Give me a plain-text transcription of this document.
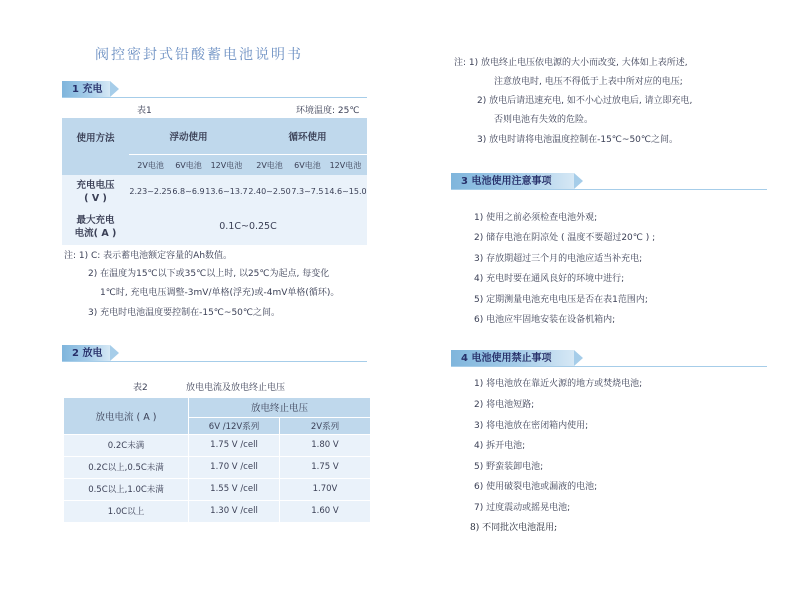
阀控密封式铅酸蓄电池说明书
1 充电
表1	环境温度: 25℃
使用方法	浮动使用			循环使用		

	2V电池	6V电池	12V电池	2V电池	6V电池	12V电池

充电电压
( V )	2.23~2.25	6.8~6.9	13.6~13.7	2.40~2.50	7.3~7.5	14.6~15.0

最大充电
电流( A )	0.1C~0.25C					
注: 1) C: 表示蓄电池额定容量的Ah数值。
2) 在温度为15℃以下或35℃以上时, 以25℃为起点, 每变化
1℃时, 充电电压调整-3mV/单格(浮充)或-4mV单格(循环)。
3) 充电时电池温度要控制在-15℃~50℃之间。
2 放电
表2	放电电流及放电终止电压
放电电流 ( A )	放电终止电压	
	6V /12V系列	2V系列
0.2C未满	1.75 V /cell	1.80 V
0.2C以上,0.5C未满	1.70 V /cell	1.75 V
0.5C以上,1.0C未满	1.55 V /cell	1.70V
1.0C以上	1.30 V /cell	1.60 V
注: 1) 放电终止电压依电源的大小而改变, 大体如上表所述,
注意放电时, 电压不得低于上表中所对应的电压;
2) 放电后请迅速充电, 如不小心过放电后, 请立即充电,
否则电池有失效的危险。
3) 放电时请将电池温度控制在-15℃~50℃之间。
3 电池使用注意事项
1) 使用之前必须检查电池外观;
2) 储存电池在阴凉处 ( 温度不要超过20℃ ) ;
3) 存放期超过三个月的电池应适当补充电;
4) 充电时要在通风良好的环境中进行;
5) 定期测量电池充电电压是否在表1范围内;
6) 电池应牢固地安装在设备机箱内;
4 电池使用禁止事项
1) 将电池放在靠近火源的地方或焚烧电池;
2) 将电池短路;
3) 将电池放在密闭箱内使用;
4) 拆开电池;
5) 野蛮装卸电池;
6) 使用破裂电池或漏液的电池;
7) 过度震动或摇晃电池;
8) 不同批次电池混用;
